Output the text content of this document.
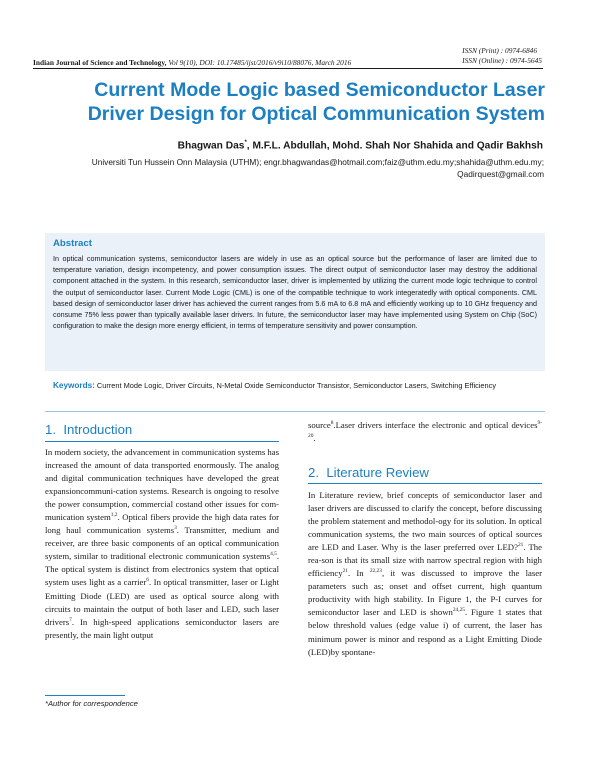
Indian Journal of Science and Technology, Vol 9(10), DOI: 10.17485/ijst/2016/v9i10/88076, March 2016
ISSN (Print) : 0974-6846
ISSN (Online) : 0974-5645
Current Mode Logic based Semiconductor Laser Driver Design for Optical Communication System
Bhagwan Das*, M.F.L. Abdullah, Mohd. Shah Nor Shahida and Qadir Bakhsh
Universiti Tun Hussein Onn Malaysia (UTHM); engr.bhagwandas@hotmail.com;faiz@uthm.edu.my;shahida@uthm.edu.my; Qadirquest@gmail.com
Abstract

In optical communication systems, semiconductor lasers are widely in use as an optical source but the performance of laser are limited due to temperature variation, design incompetency, and power consumption issues. The direct output of semiconductor laser may destroy the additional component attached in the system. In this research, semiconductor laser, driver is implemented by utilizing the current mode logic technique to control the output of semiconductor laser. Current Mode Logic (CML) is one of the compatible technique to work integeratedly with optical components. CML based design of semiconductor laser driver has achieved the current ranges from 5.6 mA to 6.8 mA and efficiently working up to 10 GHz frequency and consume 75% less power than typically available laser drivers. In future, the semiconductor laser may have implemented using System on Chip (SoC) configuration to make the design more energy efficient, in terms of temperature sensitivity and power consumption.

Keywords: Current Mode Logic, Driver Circuits, N-Metal Oxide Semiconductor Transistor, Semiconductor Lasers, Switching Efficiency

1. Introduction

In modern society, the advancement in communication systems has increased the amount of data transported enormously. The analog and digital communication techniques have developed the great expansioncommuni-cation systems. Research is ongoing to resolve the power consumption, commercial costand other issues for com-munication system$^{1,2}$. Optical fibers provide the high data rates for long haul communication systems$^3$. Transmitter, medium and receiver, are three basic components of an optical communication system, similar to traditional electronic communication systems$^{4,5}$. The optical system is distinct from electronics system that optical system uses light as a carrier$^6$. In optical transmitter, laser or Light Emitting Diode (LED) are used as optical source along with circuits to maintain the output of both laser and LED, such laser drivers$^7$. In high-speed applications semiconductor lasers are presently, the main light output

source$^8$.Laser drivers interface the electronic and optical devices$^{9-20}$.

2. Literature Review

In Literature review, brief concepts of semiconductor laser and laser drivers are discussed to clarify the concept, before discussing the problem statement and methodol-ogy for its solution. In optical communication systems, the two main sources of optical sources are LED and Laser. Why is the laser preferred over LED?$^{21}$. The rea-son is that its small size with narrow spectral region with high efficiency$^{21}$. In $^{22,23}$, it was discussed to improve the laser parameters such as; onset and offset current, high quantum productivity with high stability. In Figure 1, the P-I curves for semiconductor laser and LED is shown$^{24,25}$. Figure 1 states that below threshold values (edge value i) of current, the laser has minimum power is minor and respond as a Light Emitting Diode (LED)by spontane-

*Author for correspondence
